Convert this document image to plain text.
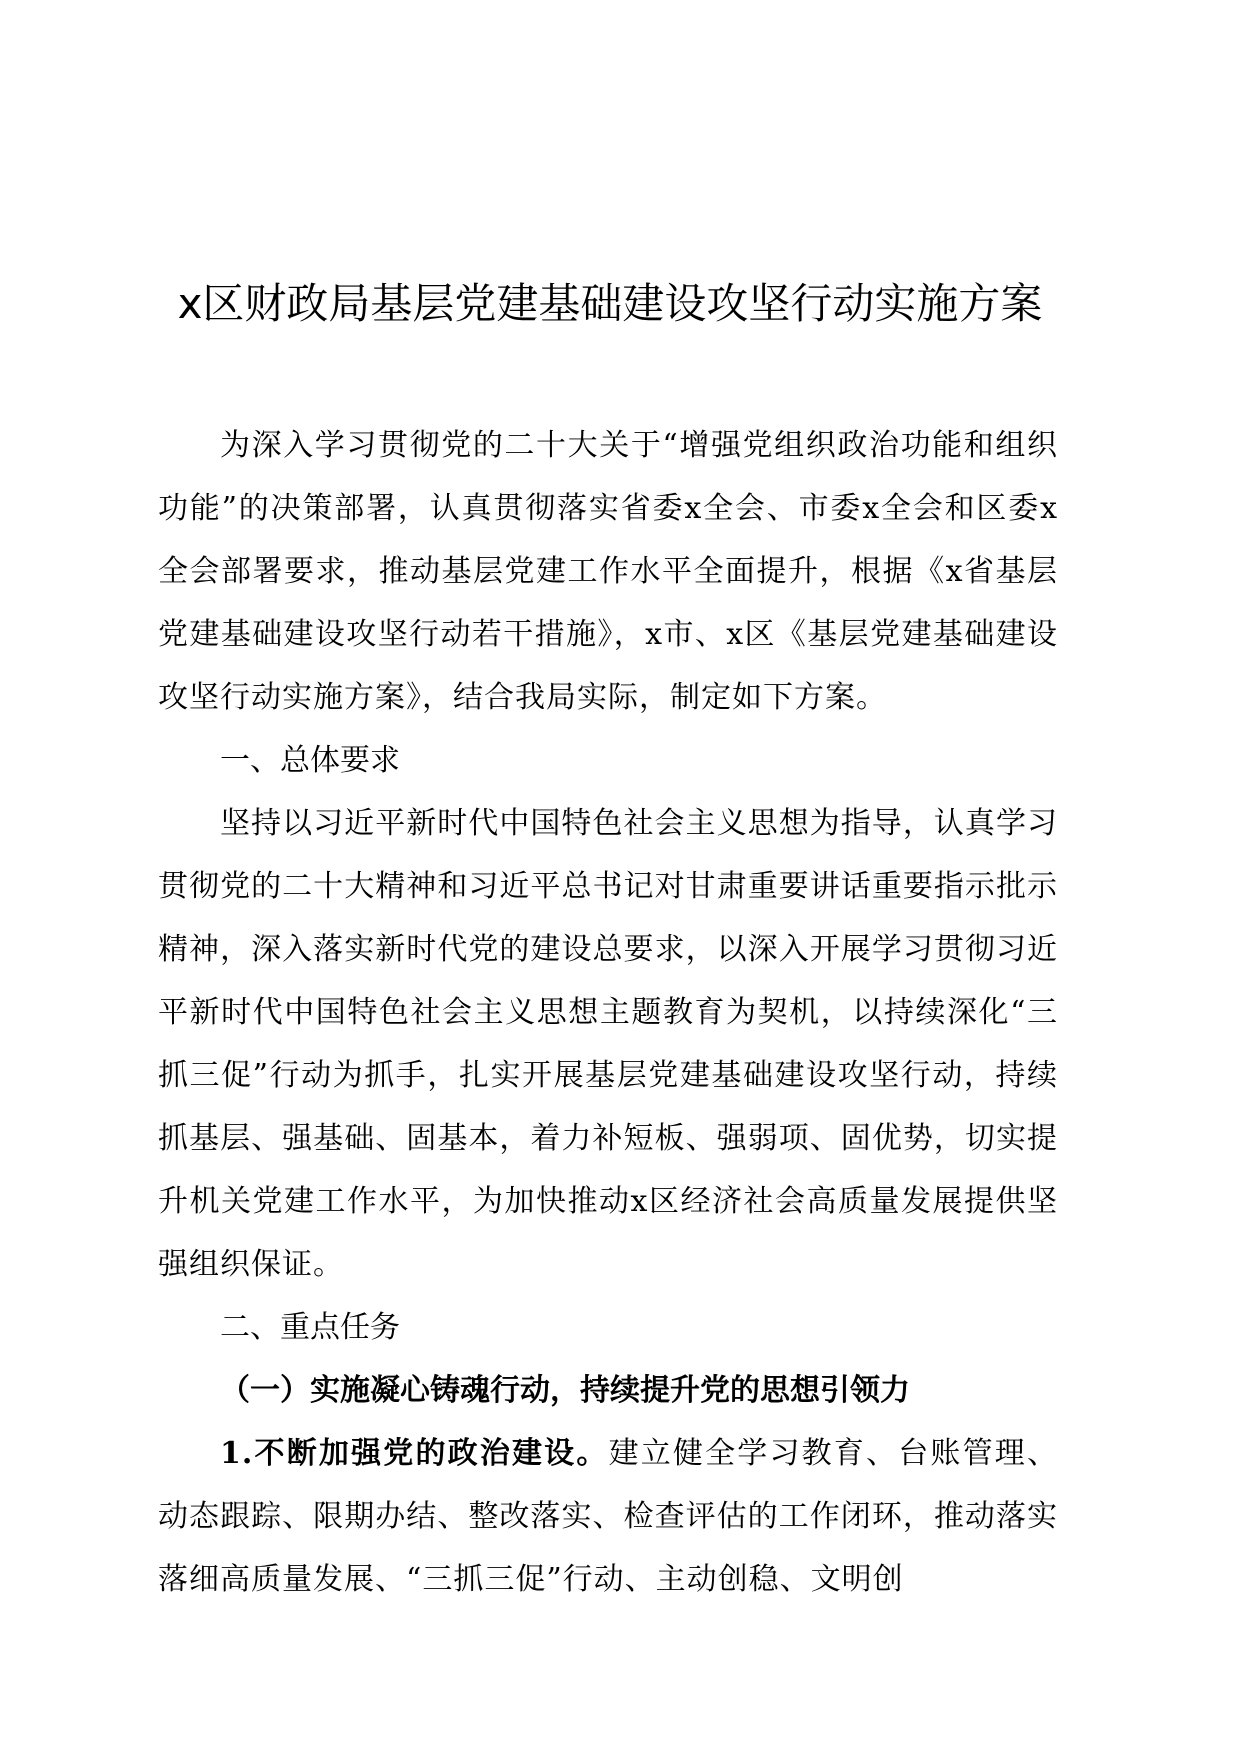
x区财政局基层党建基础建设攻坚行动实施方案

为深入学习贯彻党的二十大关于“增强党组织政治功能和组织功能”的决策部署，认真贯彻落实省委x全会、市委x全会和区委x全会部署要求，推动基层党建工作水平全面提升，根据《x省基层党建基础建设攻坚行动若干措施》，x市、x区《基层党建基础建设攻坚行动实施方案》，结合我局实际，制定如下方案。

一、总体要求

坚持以习近平新时代中国特色社会主义思想为指导，认真学习贯彻党的二十大精神和习近平总书记对甘肃重要讲话重要指示批示精神，深入落实新时代党的建设总要求，以深入开展学习贯彻习近平新时代中国特色社会主义思想主题教育为契机，以持续深化“三抓三促”行动为抓手，扎实开展基层党建基础建设攻坚行动，持续抓基层、强基础、固基本，着力补短板、强弱项、固优势，切实提升机关党建工作水平，为加快推动x区经济社会高质量发展提供坚强组织保证。

二、重点任务

（一）实施凝心铸魂行动，持续提升党的思想引领力

1.不断加强党的政治建设。建立健全学习教育、台账管理、动态跟踪、限期办结、整改落实、检查评估的工作闭环，推动落实落细高质量发展、“三抓三促”行动、主动创稳、文明创
